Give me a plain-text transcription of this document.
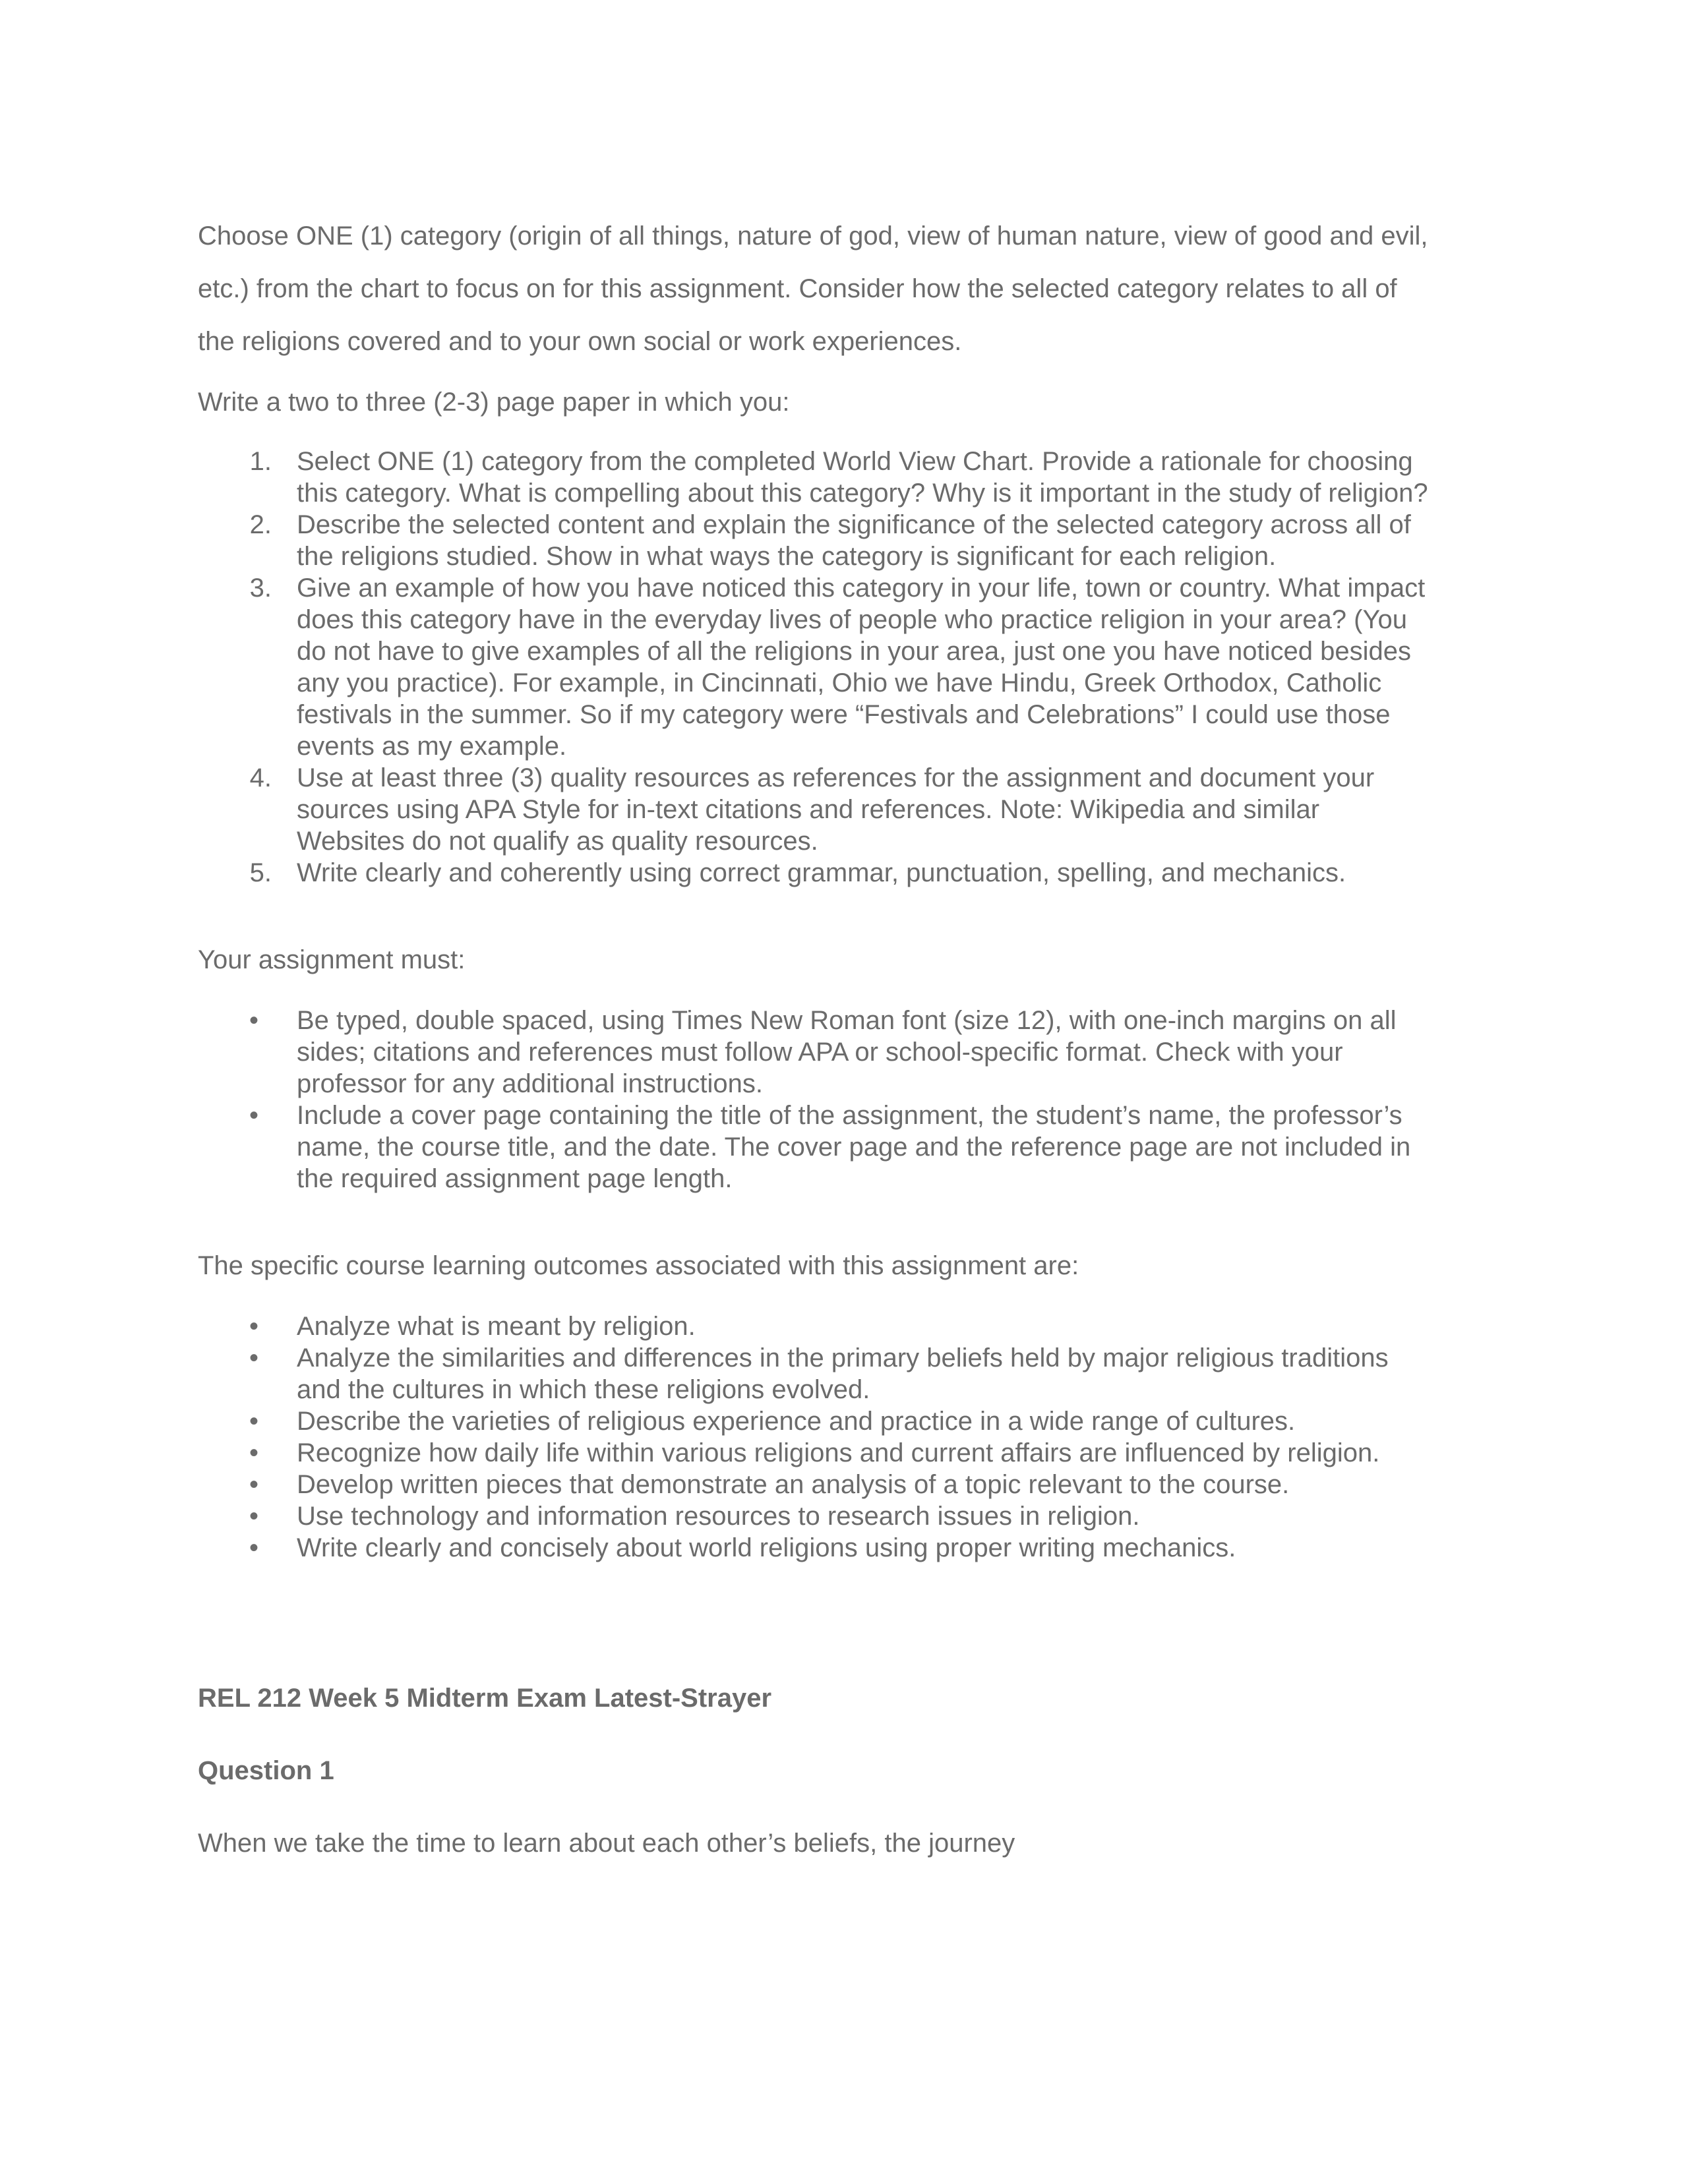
Choose ONE (1) category (origin of all things, nature of god, view of human nature, view of good and evil,

etc.) from the chart to focus on for this assignment. Consider how the selected category relates to all of

the religions covered and to your own social or work experiences.

Write a two to three (2-3) page paper in which you:

1. Select ONE (1) category from the completed World View Chart. Provide a rationale for choosing
this category. What is compelling about this category? Why is it important in the study of religion?
2. Describe the selected content and explain the significance of the selected category across all of
the religions studied. Show in what ways the category is significant for each religion.
3. Give an example of how you have noticed this category in your life, town or country. What impact
does this category have in the everyday lives of people who practice religion in your area? (You
do not have to give examples of all the religions in your area, just one you have noticed besides
any you practice). For example, in Cincinnati, Ohio we have Hindu, Greek Orthodox, Catholic
festivals in the summer. So if my category were “Festivals and Celebrations” I could use those
events as my example.
4. Use at least three (3) quality resources as references for the assignment and document your
sources using APA Style for in-text citations and references. Note: Wikipedia and similar
Websites do not qualify as quality resources.
5. Write clearly and coherently using correct grammar, punctuation, spelling, and mechanics.

Your assignment must:

• Be typed, double spaced, using Times New Roman font (size 12), with one-inch margins on all
sides; citations and references must follow APA or school-specific format. Check with your
professor for any additional instructions.
• Include a cover page containing the title of the assignment, the student’s name, the professor’s
name, the course title, and the date. The cover page and the reference page are not included in
the required assignment page length.

The specific course learning outcomes associated with this assignment are:

• Analyze what is meant by religion.
• Analyze the similarities and differences in the primary beliefs held by major religious traditions
and the cultures in which these religions evolved.
• Describe the varieties of religious experience and practice in a wide range of cultures.
• Recognize how daily life within various religions and current affairs are influenced by religion.
• Develop written pieces that demonstrate an analysis of a topic relevant to the course.
• Use technology and information resources to research issues in religion.
• Write clearly and concisely about world religions using proper writing mechanics.

REL 212 Week 5 Midterm Exam Latest-Strayer

Question 1

When we take the time to learn about each other’s beliefs, the journey
